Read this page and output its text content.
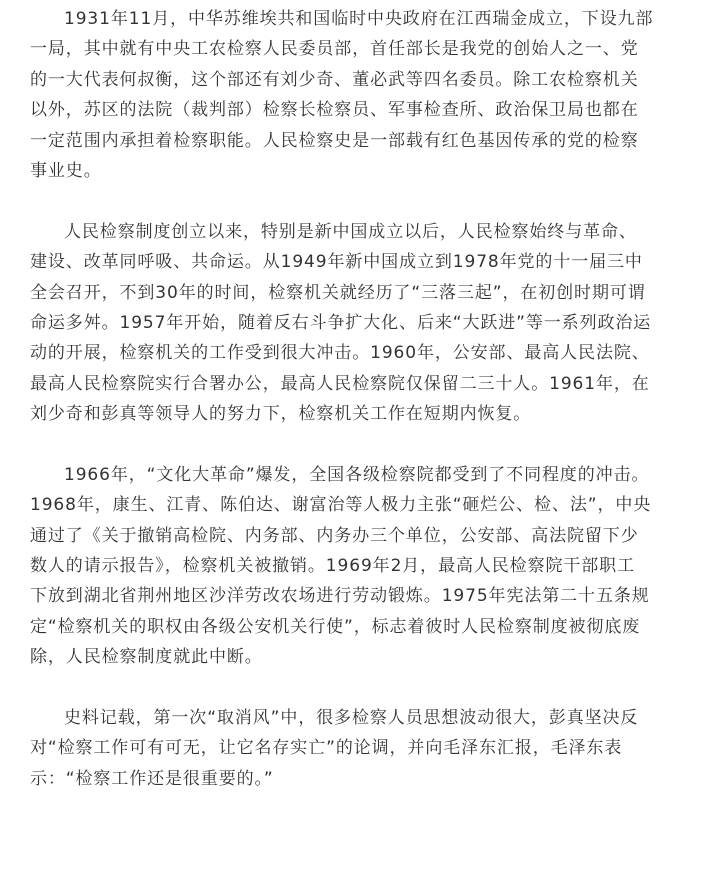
1931年11月，中华苏维埃共和国临时中央政府在江西瑞金成立，下设九部
一局，其中就有中央工农检察人民委员部，首任部长是我党的创始人之一、党
的一大代表何叔衡，这个部还有刘少奇、董必武等四名委员。除工农检察机关
以外，苏区的法院（裁判部）检察长检察员、军事检查所、政治保卫局也都在
一定范围内承担着检察职能。人民检察史是一部载有红色基因传承的党的检察
事业史。
人民检察制度创立以来，特别是新中国成立以后，人民检察始终与革命、
建设、改革同呼吸、共命运。从1949年新中国成立到1978年党的十一届三中
全会召开，不到30年的时间，检察机关就经历了“三落三起”，在初创时期可谓
命运多舛。1957年开始，随着反右斗争扩大化、后来“大跃进”等一系列政治运
动的开展，检察机关的工作受到很大冲击。1960年，公安部、最高人民法院、
最高人民检察院实行合署办公，最高人民检察院仅保留二三十人。1961年，在
刘少奇和彭真等领导人的努力下，检察机关工作在短期内恢复。
1966年，“文化大革命”爆发，全国各级检察院都受到了不同程度的冲击。
1968年，康生、江青、陈伯达、谢富治等人极力主张“砸烂公、检、法”，中央
通过了《关于撤销高检院、内务部、内务办三个单位，公安部、高法院留下少
数人的请示报告》，检察机关被撤销。1969年2月，最高人民检察院干部职工
下放到湖北省荆州地区沙洋劳改农场进行劳动锻炼。1975年宪法第二十五条规
定“检察机关的职权由各级公安机关行使”，标志着彼时人民检察制度被彻底废
除，人民检察制度就此中断。
史料记载，第一次“取消风”中，很多检察人员思想波动很大，彭真坚决反
对“检察工作可有可无，让它名存实亡”的论调，并向毛泽东汇报，毛泽东表
示：“检察工作还是很重要的。”
